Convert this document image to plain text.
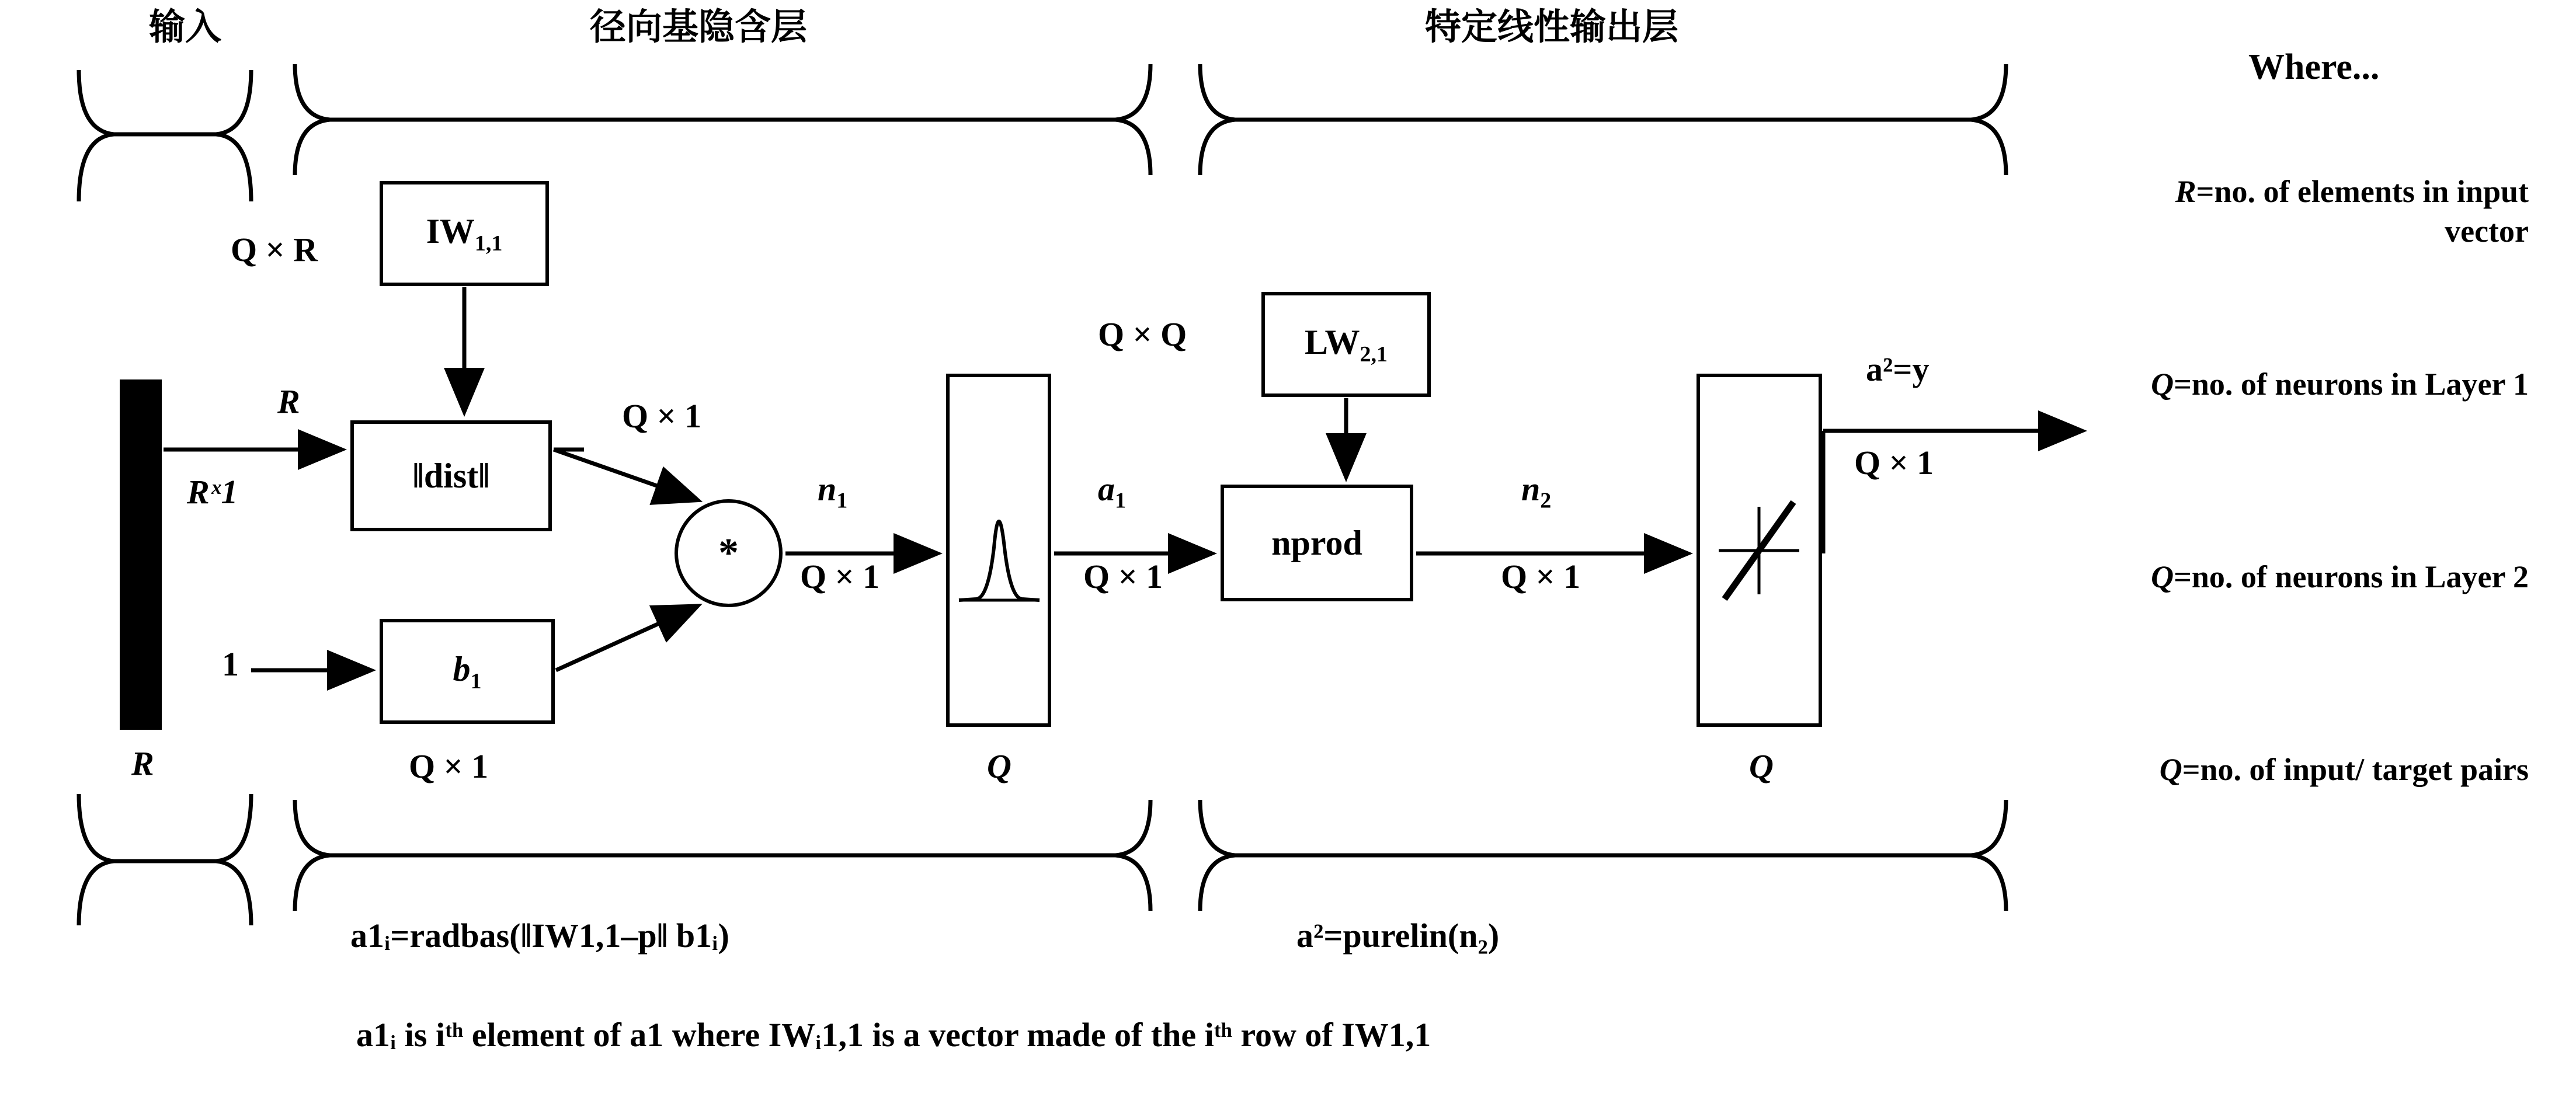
输入	径向基隐含层	特定线性输出层
Where...
$IW_{1,1}$
‖dist‖
$b_1$
*
$LW_{2,1}$
nprod
Q × R
R
Rˣ1
R
1
Q × 1
Q × 1
$n_1$
Q × 1
$a_1$
Q × 1
Q
Q × Q
$n_2$
Q × 1
a²=y
Q × 1
Q
R=no. of elements in input vector
Q=no. of neurons in Layer 1
Q=no. of neurons in Layer 2
Q=no. of input/ target pairs
a1ᵢ=radbas(‖IW1,1–p‖ b1ᵢ)	a²=purelin(n₂)
a1ᵢ is iᵗʰ element of a1 where IWᵢ1,1 is a vector made of the iᵗʰ row of IW1,1
